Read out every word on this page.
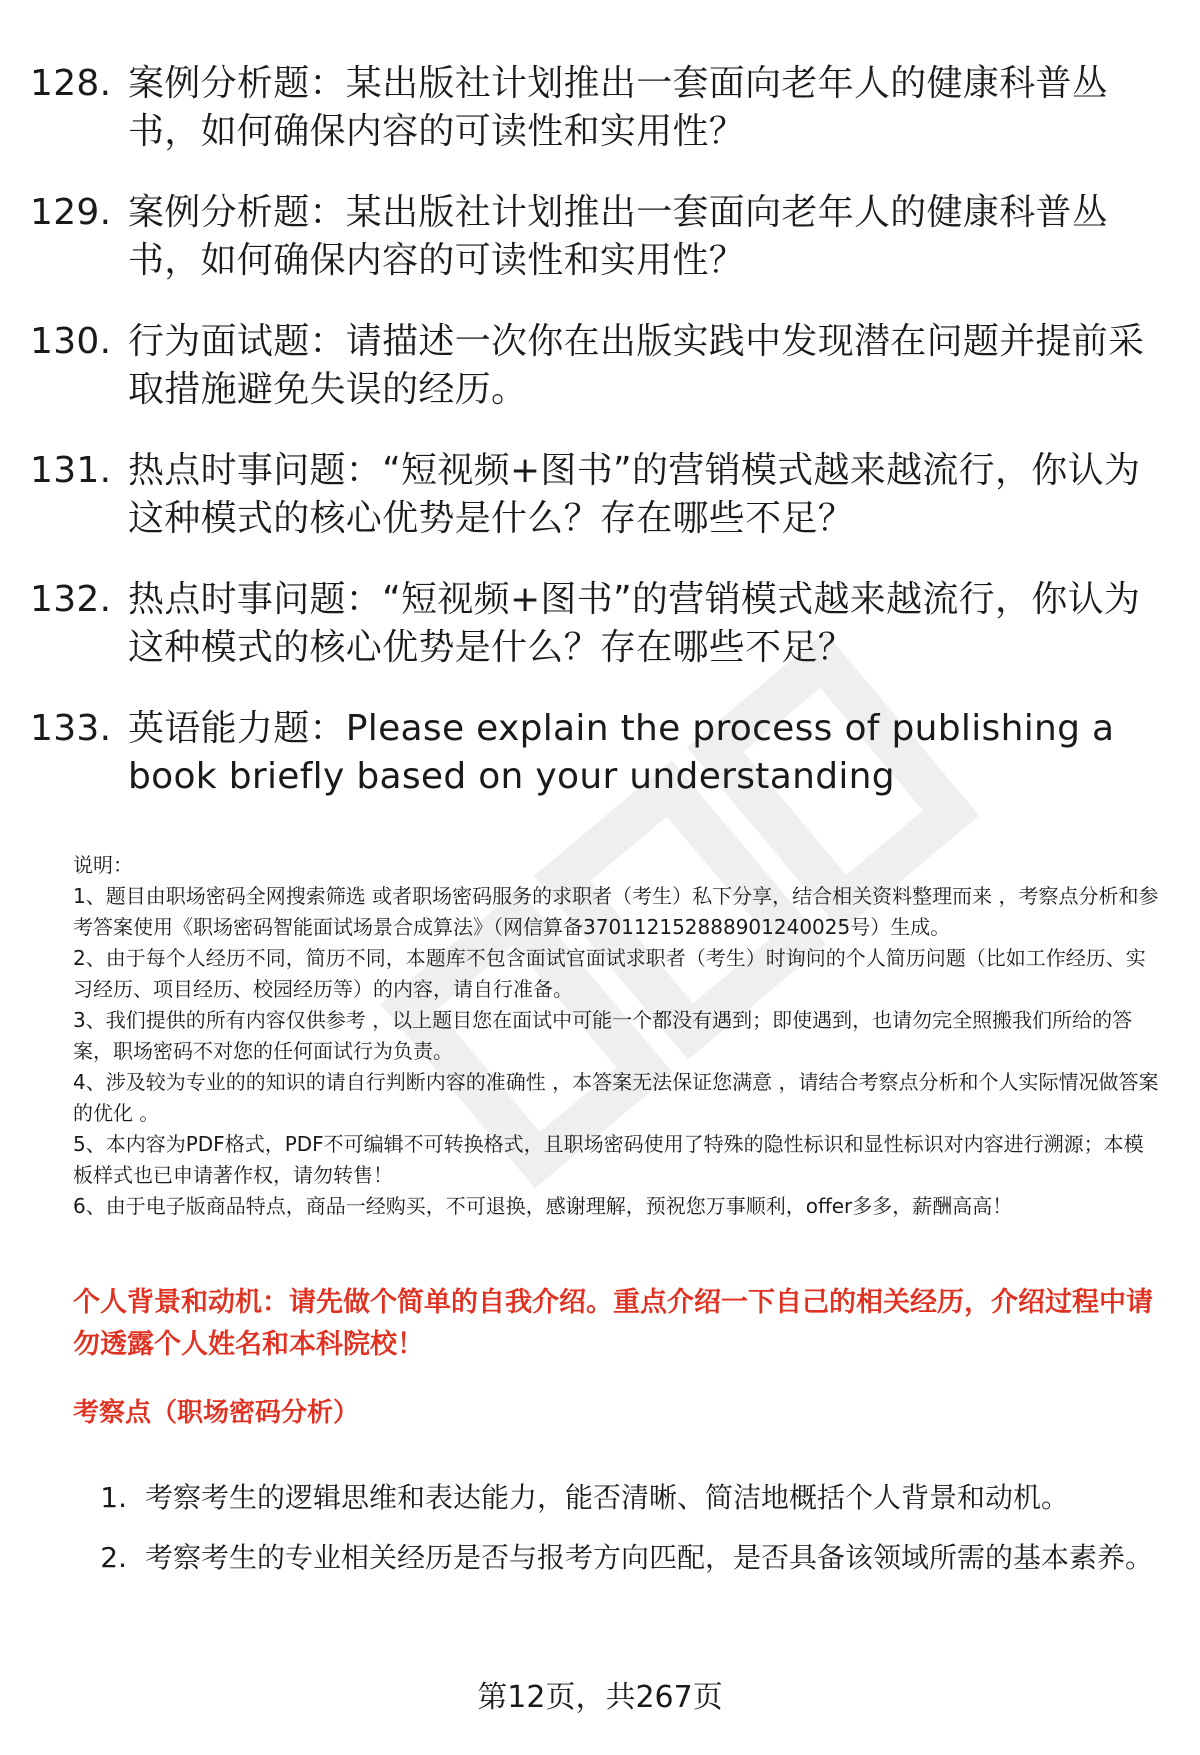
128. 案例分析题：某出版社计划推出一套面向老年人的健康科普丛书，如何确保内容的可读性和实用性？
129. 案例分析题：某出版社计划推出一套面向老年人的健康科普丛书，如何确保内容的可读性和实用性？
130. 行为面试题：请描述一次你在出版实践中发现潜在问题并提前采取措施避免失误的经历。
131. 热点时事问题：“短视频+图书”的营销模式越来越流行，你认为这种模式的核心优势是什么？存在哪些不足？
132. 热点时事问题：“短视频+图书”的营销模式越来越流行，你认为这种模式的核心优势是什么？存在哪些不足？
133. 英语能力题：Please explain the process of publishing a book briefly based on your understanding

说明：

1、题目由职场密码全网搜索筛选 或者职场密码服务的求职者（考生）私下分享，结合相关资料整理而来 ，考察点分析和参考答案使用《职场密码智能面试场景合成算法》（网信算备370112152888901240025号）生成。

2、由于每个人经历不同，简历不同，本题库不包含面试官面试求职者（考生）时询问的个人简历问题（比如工作经历、实习经历、项目经历、校园经历等）的内容，请自行准备。

3、我们提供的所有内容仅供参考 ，以上题目您在面试中可能一个都没有遇到；即使遇到，也请勿完全照搬我们所给的答案，职场密码不对您的任何面试行为负责。

4、涉及较为专业的的知识的请自行判断内容的准确性 ，本答案无法保证您满意 ，请结合考察点分析和个人实际情况做答案的优化 。

5、本内容为PDF格式，PDF不可编辑不可转换格式，且职场密码使用了特殊的隐性标识和显性标识对内容进行溯源；本模板样式也已申请著作权，请勿转售！

6、由于电子版商品特点，商品一经购买，不可退换，感谢理解，预祝您万事顺利，offer多多，薪酬高高！

个人背景和动机：请先做个简单的自我介绍。重点介绍一下自己的相关经历，介绍过程中请勿透露个人姓名和本科院校！

考察点（职场密码分析）

1. 考察考生的逻辑思维和表达能力，能否清晰、简洁地概括个人背景和动机。
2. 考察考生的专业相关经历是否与报考方向匹配，是否具备该领域所需的基本素养。
第12页，共267页
